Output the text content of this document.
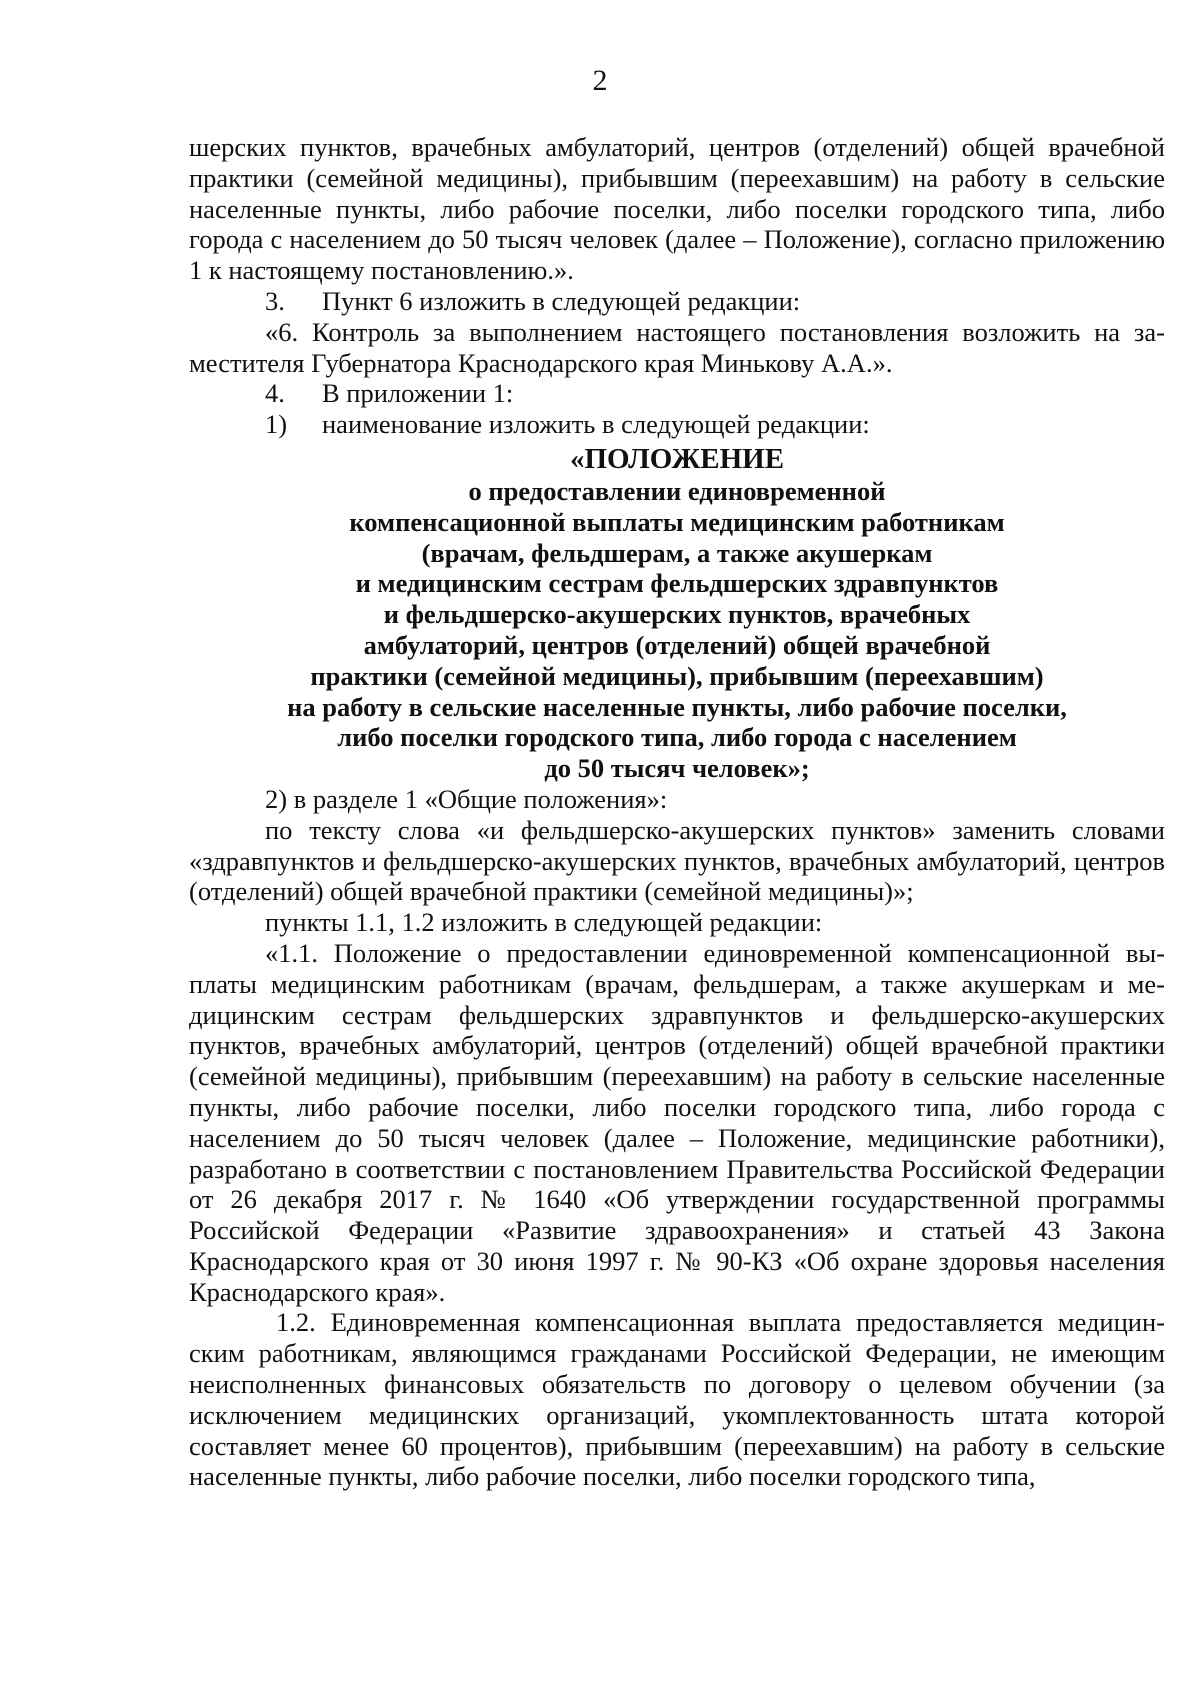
2

шерских пунктов, врачебных амбулаторий, центров (отделений) общей врачебной практики (семейной медицины), прибывшим (переехавшим) на работу в сельские населенные пункты, либо рабочие поселки, либо поселки городского типа, либо города с населением до 50 тысяч человек (далее – Положение), согласно приложению 1 к настоящему постановлению.».

3. Пункт 6 изложить в следующей редакции:

«6. Контроль за выполнением настоящего постановления возложить на заместителя Губернатора Краснодарского края Минькову А.А.».

4. В приложении 1:

1) наименование изложить в следующей редакции:

«ПОЛОЖЕНИЕ

о предоставлении единовременной
компенсационной выплаты медицинским работникам
(врачам, фельдшерам, а также акушеркам
и медицинским сестрам фельдшерских здравпунктов
и фельдшерско-акушерских пунктов, врачебных
амбулаторий, центров (отделений) общей врачебной
практики (семейной медицины), прибывшим (переехавшим)
на работу в сельские населенные пункты, либо рабочие поселки,
либо поселки городского типа, либо города с населением
до 50 тысяч человек»;

2) в разделе 1 «Общие положения»:

по тексту слова «и фельдшерско-акушерских пунктов» заменить словами «здравпунктов и фельдшерско-акушерских пунктов, врачебных амбулаторий, центров (отделений) общей врачебной практики (семейной медицины)»;

пункты 1.1, 1.2 изложить в следующей редакции:

«1.1. Положение о предоставлении единовременной компенсационной выплаты медицинским работникам (врачам, фельдшерам, а также акушеркам и медицинским сестрам фельдшерских здравпунктов и фельдшерско-акушерских пунктов, врачебных амбулаторий, центров (отделений) общей врачебной практики (семейной медицины), прибывшим (переехавшим) на работу в сельские населенные пункты, либо рабочие поселки, либо поселки городского типа, либо города с населением до 50 тысяч человек (далее – Положение, медицинские работники), разработано в соответствии с постановлением Правительства Российской Федерации от 26 декабря 2017 г. № 1640 «Об утверждении государственной программы Российской Федерации «Развитие здравоохранения» и статьей 43 Закона Краснодарского края от 30 июня 1997 г. № 90-КЗ «Об охране здоровья населения Краснодарского края».

1.2. Единовременная компенсационная выплата предоставляется медицинским работникам, являющимся гражданами Российской Федерации, не имеющим неисполненных финансовых обязательств по договору о целевом обучении (за исключением медицинских организаций, укомплектованность штата которой составляет менее 60 процентов), прибывшим (переехавшим) на работу в сельские населенные пункты, либо рабочие поселки, либо поселки городского типа,
